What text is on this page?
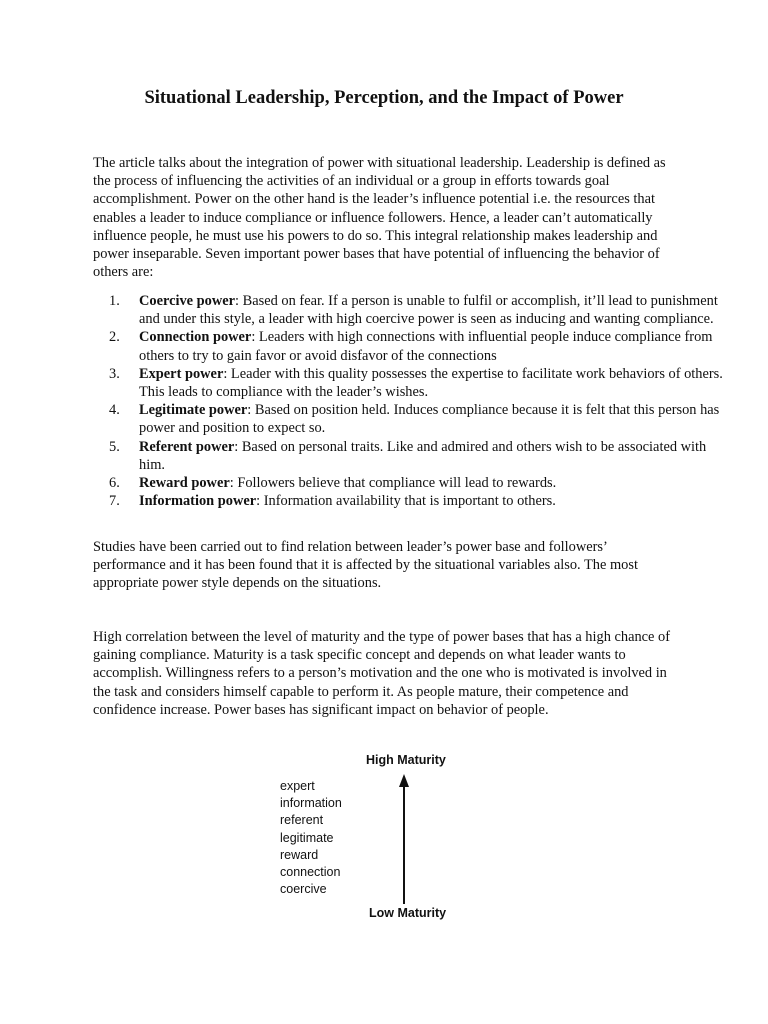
Situational Leadership, Perception, and the Impact of Power

The article talks about the integration of power with situational leadership. Leadership is defined as the process of influencing the activities of an individual or a group in efforts towards goal accomplishment. Power on the other hand is the leader’s influence potential i.e. the resources that enables a leader to induce compliance or influence followers. Hence, a leader can’t automatically influence people, he must use his powers to do so. This integral relationship makes leadership and power inseparable. Seven important power bases that have potential of influencing the behavior of others are:

1. Coercive power: Based on fear. If a person is unable to fulfil or accomplish, it’ll lead to punishment and under this style, a leader with high coercive power is seen as inducing and wanting compliance.
2. Connection power: Leaders with high connections with influential people induce compliance from others to try to gain favor or avoid disfavor of the connections
3. Expert power: Leader with this quality possesses the expertise to facilitate work behaviors of others. This leads to compliance with the leader’s wishes.
4. Legitimate power: Based on position held. Induces compliance because it is felt that this person has power and position to expect so.
5. Referent power: Based on personal traits. Like and admired and others wish to be associated with him.
6. Reward power: Followers believe that compliance will lead to rewards.
7. Information power: Information availability that is important to others.

Studies have been carried out to find relation between leader’s power base and followers’ performance and it has been found that it is affected by the situational variables also. The most appropriate power style depends on the situations.

High correlation between the level of maturity and the type of power bases that has a high chance of gaining compliance. Maturity is a task specific concept and depends on what leader wants to accomplish. Willingness refers to a person’s motivation and the one who is motivated is involved in the task and considers himself capable to perform it. As people mature, their competence and confidence increase. Power bases has significant impact on behavior of people.

High Maturity
expert
information
referent
legitimate
reward
connection
coercive
Low Maturity
